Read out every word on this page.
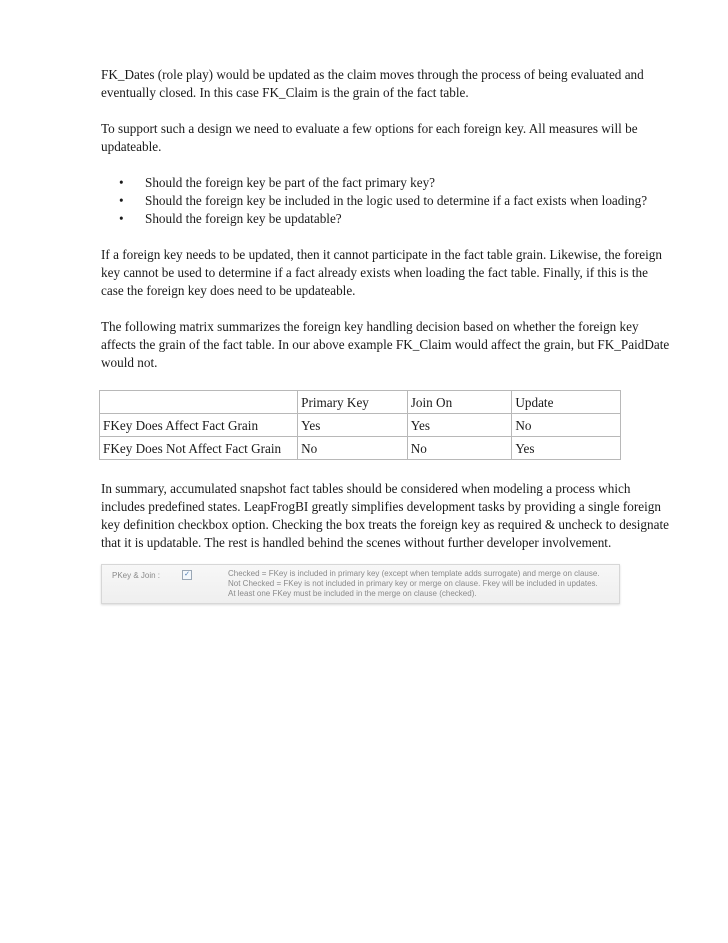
FK_Dates (role play) would be updated as the claim moves through the process of being evaluated and eventually closed. In this case FK_Claim is the grain of the fact table.

To support such a design we need to evaluate a few options for each foreign key. All measures will be updateable.

• Should the foreign key be part of the fact primary key?
• Should the foreign key be included in the logic used to determine if a fact exists when loading?
• Should the foreign key be updatable?

If a foreign key needs to be updated, then it cannot participate in the fact table grain. Likewise, the foreign key cannot be used to determine if a fact already exists when loading the fact table. Finally, if this is the case the foreign key does need to be updateable.

The following matrix summarizes the foreign key handling decision based on whether the foreign key affects the grain of the fact table. In our above example FK_Claim would affect the grain, but FK_PaidDate would not.

	Primary Key	Join On	Update
FKey Does Affect Fact Grain	Yes	Yes	No
FKey Does Not Affect Fact Grain	No	No	Yes

In summary, accumulated snapshot fact tables should be considered when modeling a process which includes predefined states. LeapFrogBI greatly simplifies development tasks by providing a single foreign key definition checkbox option. Checking the box treats the foreign key as required & uncheck to designate that it is updatable. The rest is handled behind the scenes without further developer involvement.

PKey & Join :	✓	Checked = FKey is included in primary key (except when template adds surrogate) and merge on clause.
Not Checked = FKey is not included in primary key or merge on clause. Fkey will be included in updates.
At least one FKey must be included in the merge on clause (checked).
